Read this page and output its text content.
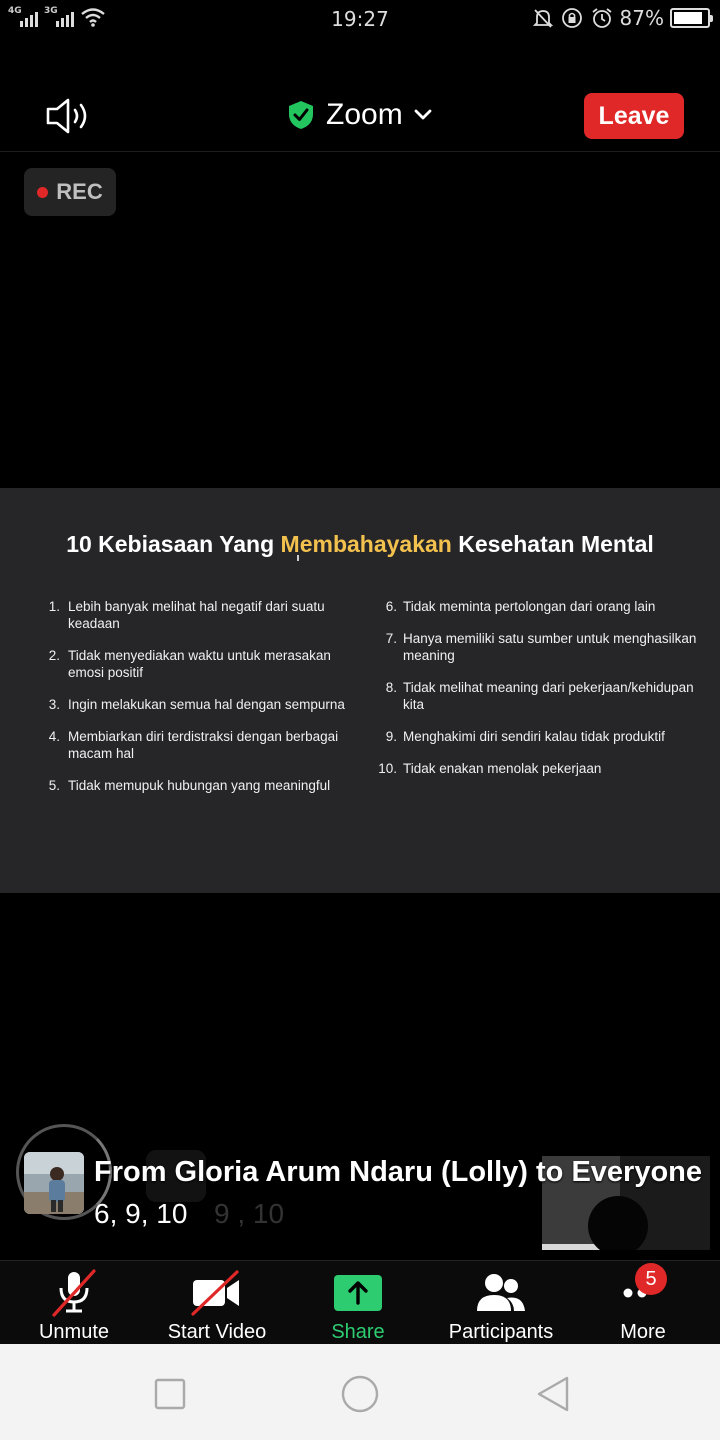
4G 3G	19:27	87%
Zoom	Leave
REC
10 Kebiasaan Yang Membahayakan Kesehatan Mental
1. Lebih banyak melihat hal negatif dari suatu keadaan
2. Tidak menyediakan waktu untuk merasakan emosi positif
3. Ingin melakukan semua hal dengan sempurna
4. Membiarkan diri terdistraksi dengan berbagai macam hal
5. Tidak memupuk hubungan yang meaningful
6. Tidak meminta pertolongan dari orang lain
7. Hanya memiliki satu sumber untuk menghasilkan meaning
8. Tidak melihat meaning dari pekerjaan/kehidupan kita
9. Menghakimi diri sendiri kalau tidak produktif
10. Tidak enakan menolak pekerjaan
From Gloria Arum Ndaru (Lolly) to Everyone
6, 9, 10 9 , 10
Unmute	Start Video	Share	Participants
5
More
